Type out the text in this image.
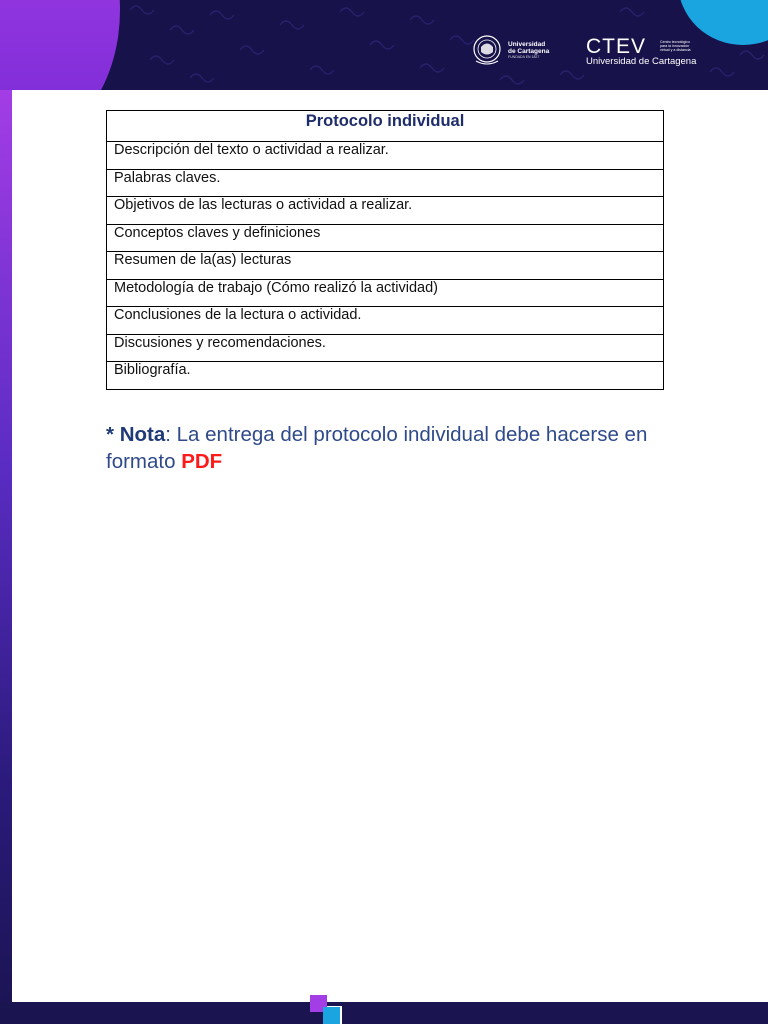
Universidad
de Cartagena
FUNDADA EN 1827	CTEV	Centro tecnológico
para la innovación
virtual y a distancia
Universidad de Cartagena
Protocolo individual
Descripción del texto o actividad a realizar.
Palabras claves.
Objetivos de las lecturas o actividad a realizar.
Conceptos claves y definiciones
Resumen de la(as) lecturas
Metodología de trabajo (Cómo realizó la actividad)
Conclusiones de la lectura o actividad.
Discusiones y recomendaciones.
Bibliografía.
* Nota: La entrega del protocolo individual debe hacerse en formato PDF
